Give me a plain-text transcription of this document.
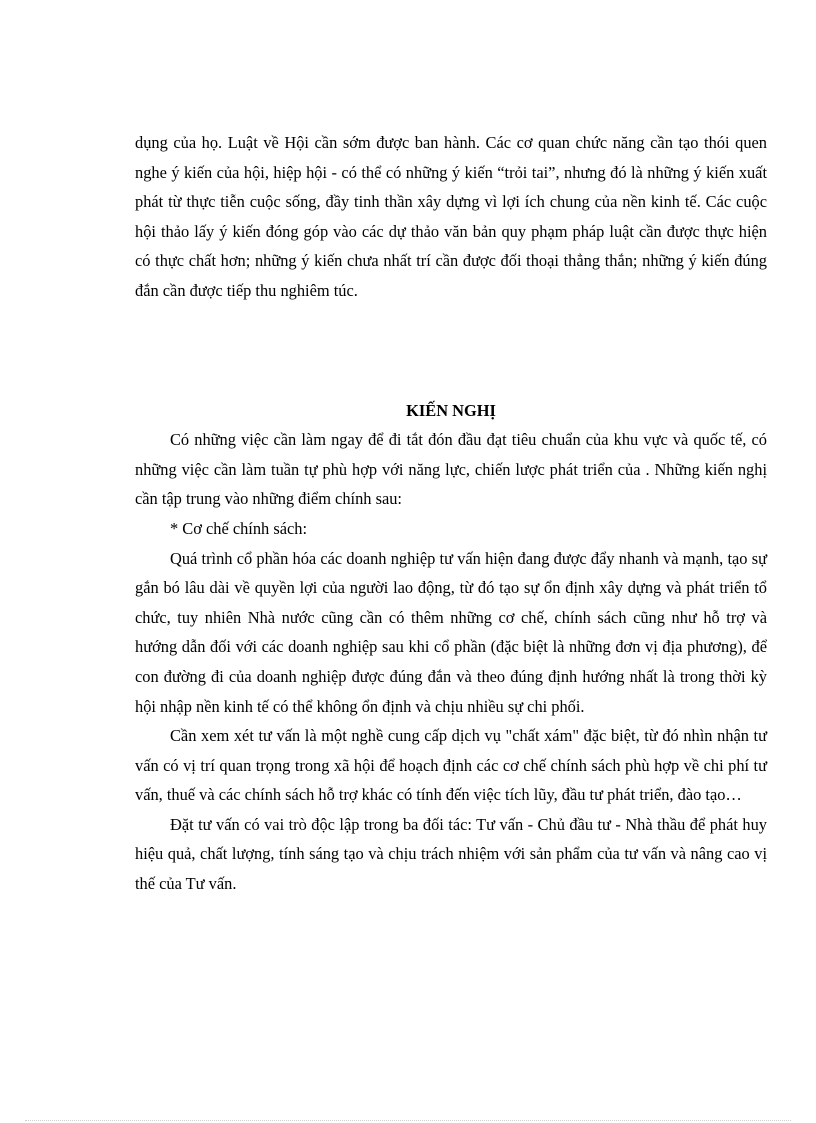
dụng của họ. Luật về Hội cần sớm được ban hành. Các cơ quan chức năng cần tạo thói quen nghe ý kiến của hội, hiệp hội - có thể có những ý kiến “trỏi tai”, nhưng đó là những ý kiến xuất phát từ thực tiễn cuộc sống, đầy tinh thần xây dựng vì lợi ích chung của nền kinh tế. Các cuộc hội thảo lấy ý kiến đóng góp vào các dự thảo văn bản quy phạm pháp luật cần được thực hiện có thực chất hơn; những ý kiến chưa nhất trí cần được đối thoại thẳng thắn; những ý kiến đúng đắn cần được tiếp thu nghiêm túc.

KIẾN NGHỊ

Có những việc cần làm ngay để đi tắt đón đầu đạt tiêu chuẩn của khu vực và quốc tế, có những việc cần làm tuần tự phù hợp với năng lực, chiến lược phát triển của . Những kiến nghị cần tập trung vào những điểm chính sau:

* Cơ chế chính sách:

Quá trình cổ phần hóa các doanh nghiệp tư vấn hiện đang được đẩy nhanh và mạnh, tạo sự gắn bó lâu dài về quyền lợi của người lao động, từ đó tạo sự ổn định xây dựng và phát triển tổ chức, tuy nhiên Nhà nước cũng cần có thêm những cơ chế, chính sách cũng như hỗ trợ và hướng dẫn đối với các doanh nghiệp sau khi cổ phần (đặc biệt là những đơn vị địa phương), để con đường đi của doanh nghiệp được đúng đắn và theo đúng định hướng nhất là trong thời kỳ hội nhập nền kinh tế có thể không ổn định và chịu nhiều sự chi phối.

Cần xem xét tư vấn là một nghề cung cấp dịch vụ "chất xám" đặc biệt, từ đó nhìn nhận tư vấn có vị trí quan trọng trong xã hội để hoạch định các cơ chế chính sách phù hợp về chi phí tư vấn, thuế và các chính sách hỗ trợ khác có tính đến việc tích lũy, đầu tư phát triển, đào tạo…

Đặt tư vấn có vai trò độc lập trong ba đối tác: Tư vấn - Chủ đầu tư - Nhà thầu để phát huy hiệu quả, chất lượng, tính sáng tạo và chịu trách nhiệm với sản phẩm của tư vấn và nâng cao vị thế của Tư vấn.
